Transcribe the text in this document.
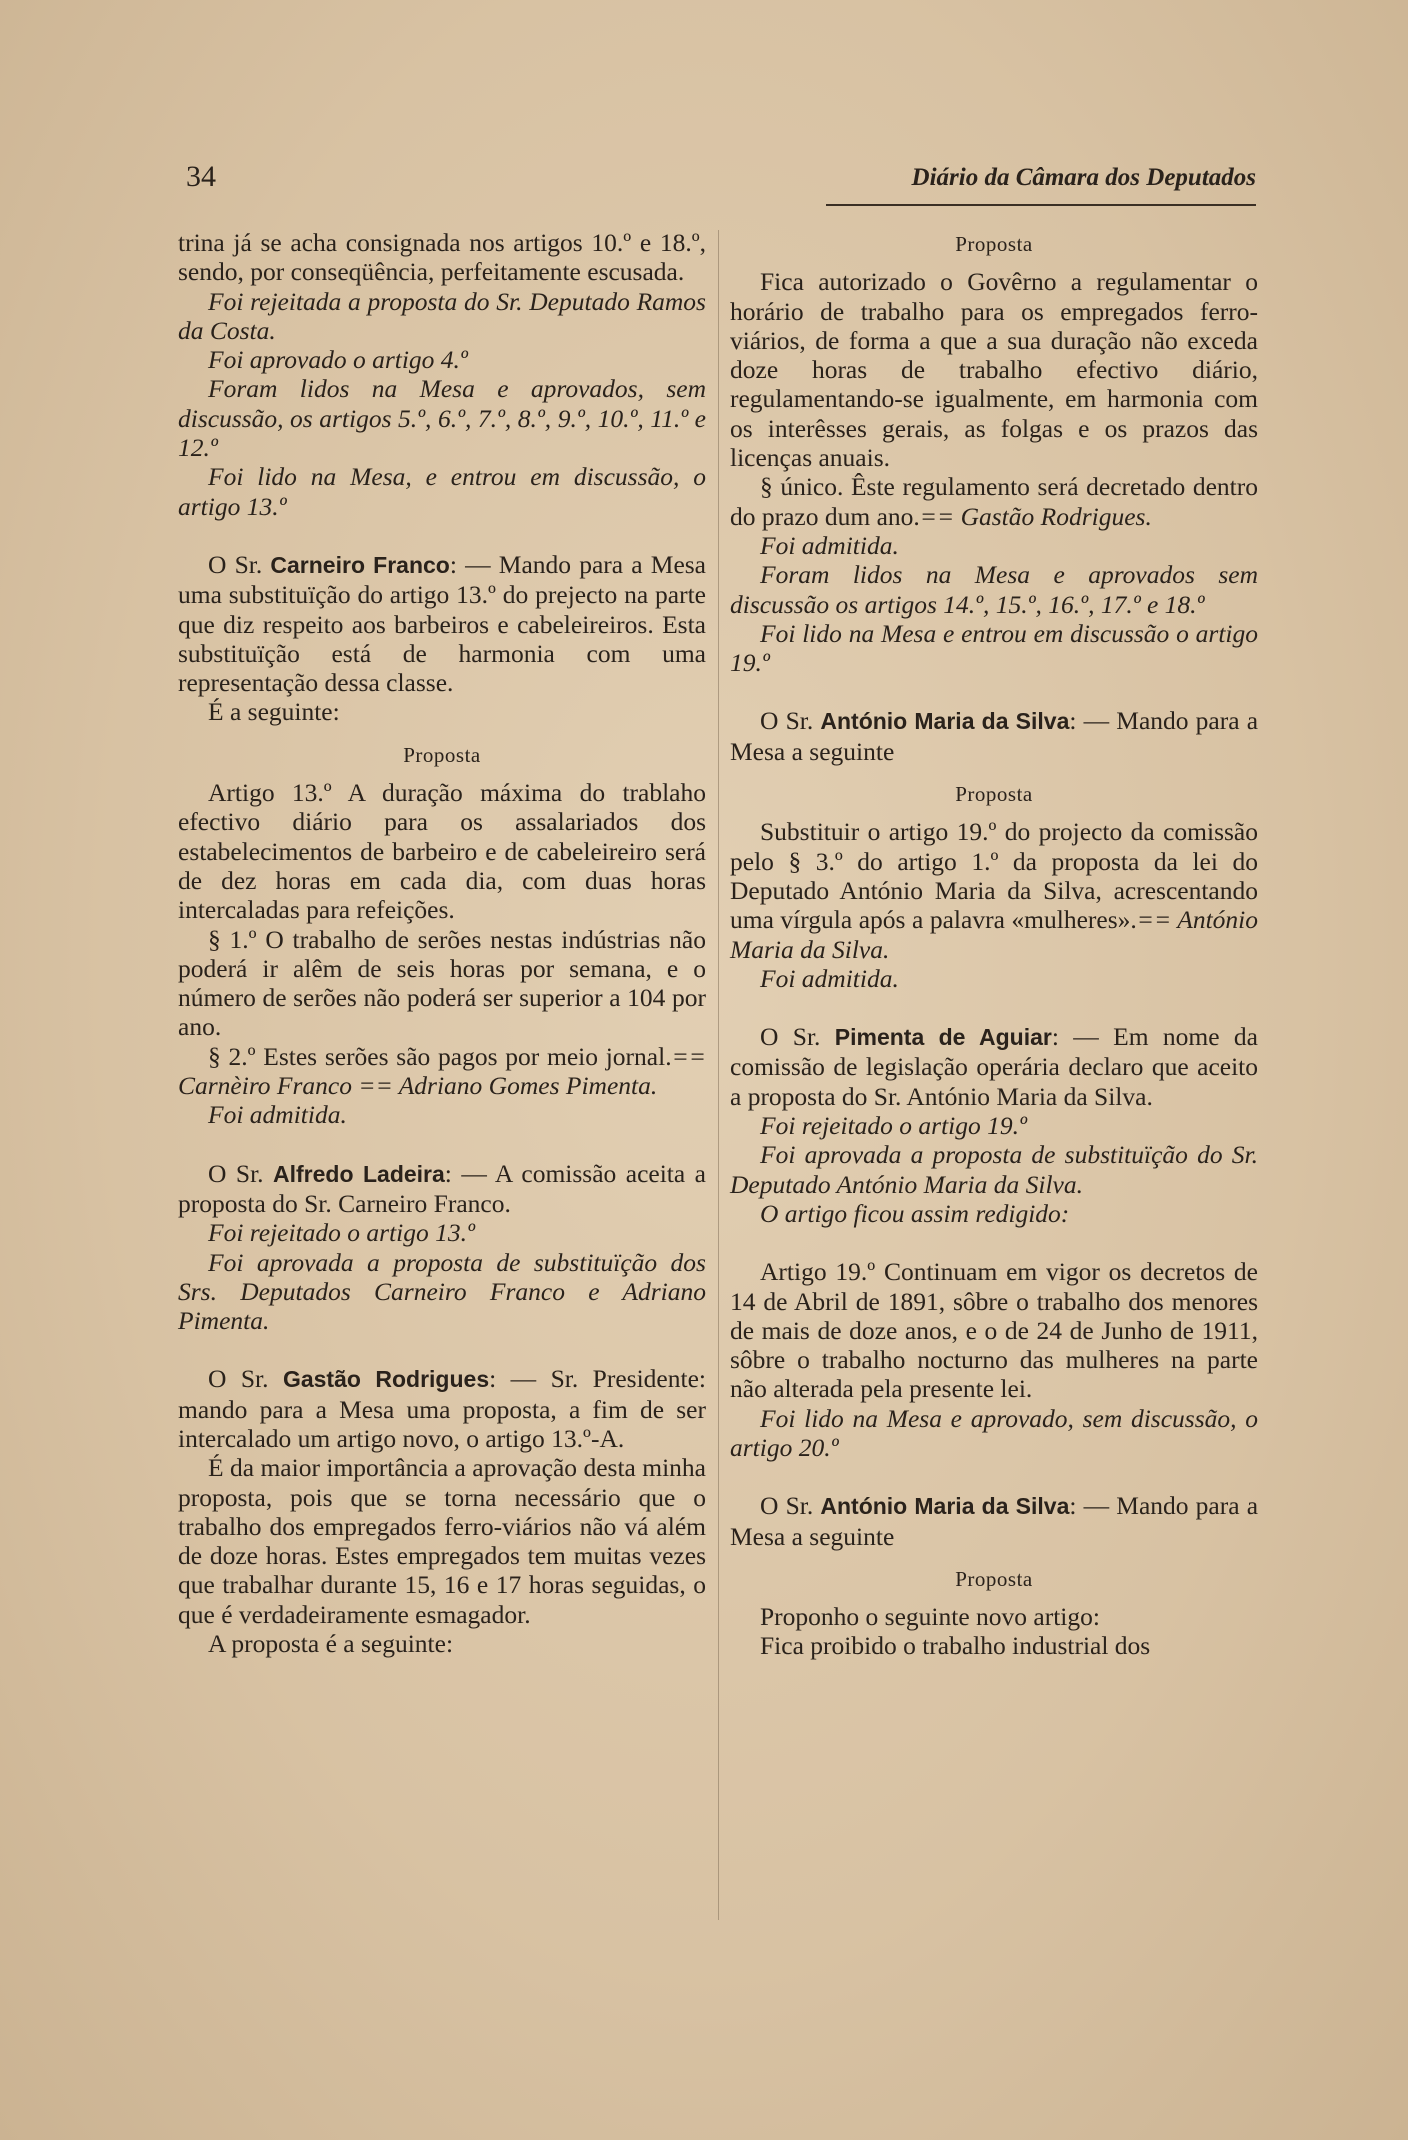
34	Diário da Câmara dos Deputados

trina já se acha consignada nos artigos 10.º e 18.º, sendo, por conseqüência, perfeitamente escusada.

Foi rejeitada a proposta do Sr. Deputado Ramos da Costa.

Foi aprovado o artigo 4.º

Foram lidos na Mesa e aprovados, sem discussão, os artigos 5.º, 6.º, 7.º, 8.º, 9.º, 10.º, 11.º e 12.º

Foi lido na Mesa, e entrou em discussão, o artigo 13.º

O Sr. Carneiro Franco: — Mando para a Mesa uma substituïção do artigo 13.º do prejecto na parte que diz respeito aos barbeiros e cabeleireiros. Esta substituïção está de harmonia com uma representação dessa classe.

É a seguinte:

Proposta

Artigo 13.º A duração máxima do trablaho efectivo diário para os assalariados dos estabelecimentos de barbeiro e de cabeleireiro será de dez horas em cada dia, com duas horas intercaladas para refeições.

§ 1.º O trabalho de serões nestas indústrias não poderá ir alêm de seis horas por semana, e o número de serões não poderá ser superior a 104 por ano.

§ 2.º Estes serões são pagos por meio jornal.== Carnèiro Franco == Adriano Gomes Pimenta.

Foi admitida.

O Sr. Alfredo Ladeira: — A comissão aceita a proposta do Sr. Carneiro Franco.

Foi rejeitado o artigo 13.º

Foi aprovada a proposta de substituïção dos Srs. Deputados Carneiro Franco e Adriano Pimenta.

O Sr. Gastão Rodrigues: — Sr. Presidente: mando para a Mesa uma proposta, a fim de ser intercalado um artigo novo, o artigo 13.º-A.

É da maior importância a aprovação desta minha proposta, pois que se torna necessário que o trabalho dos empregados ferro-viários não vá além de doze horas. Estes empregados tem muitas vezes que trabalhar durante 15, 16 e 17 horas seguidas, o que é verdadeiramente esmagador.

A proposta é a seguinte:

Proposta

Fica autorizado o Govêrno a regulamentar o horário de trabalho para os empregados ferro-viários, de forma a que a sua duração não exceda doze horas de trabalho efectivo diário, regulamentando-se igualmente, em harmonia com os interêsses gerais, as folgas e os prazos das licenças anuais.

§ único. Êste regulamento será decretado dentro do prazo dum ano.== Gastão Rodrigues.

Foi admitida.

Foram lidos na Mesa e aprovados sem discussão os artigos 14.º, 15.º, 16.º, 17.º e 18.º

Foi lido na Mesa e entrou em discussão o artigo 19.º

O Sr. António Maria da Silva: — Mando para a Mesa a seguinte

Proposta

Substituir o artigo 19.º do projecto da comissão pelo § 3.º do artigo 1.º da proposta da lei do Deputado António Maria da Silva, acrescentando uma vírgula após a palavra «mulheres».== António Maria da Silva.

Foi admitida.

O Sr. Pimenta de Aguiar: — Em nome da comissão de legislação operária declaro que aceito a proposta do Sr. António Maria da Silva.

Foi rejeitado o artigo 19.º

Foi aprovada a proposta de substituïção do Sr. Deputado António Maria da Silva.

O artigo ficou assim redigido:

Artigo 19.º Continuam em vigor os decretos de 14 de Abril de 1891, sôbre o trabalho dos menores de mais de doze anos, e o de 24 de Junho de 1911, sôbre o trabalho nocturno das mulheres na parte não alterada pela presente lei.

Foi lido na Mesa e aprovado, sem discussão, o artigo 20.º

O Sr. António Maria da Silva: — Mando para a Mesa a seguinte

Proposta

Proponho o seguinte novo artigo:

Fica proibido o trabalho industrial dos
